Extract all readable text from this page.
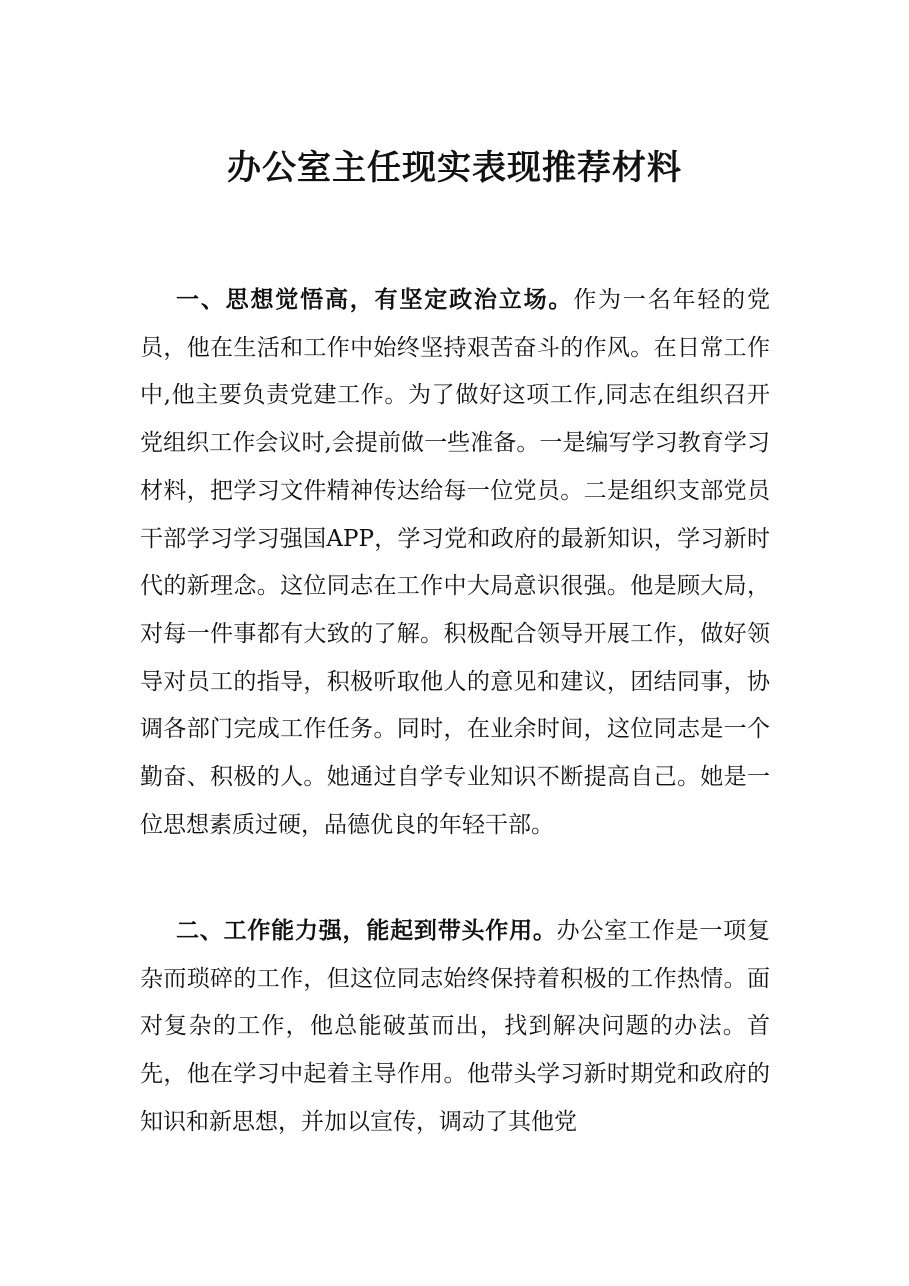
办公室主任现实表现推荐材料

一、思想觉悟高，有坚定政治立场。作为一名年轻的党员，他在生活和工作中始终坚持艰苦奋斗的作风。在日常工作中,他主要负责党建工作。为了做好这项工作,同志在组织召开党组织工作会议时,会提前做一些准备。一是编写学习教育学习材料，把学习文件精神传达给每一位党员。二是组织支部党员干部学习学习强国APP，学习党和政府的最新知识，学习新时代的新理念。这位同志在工作中大局意识很强。他是顾大局，对每一件事都有大致的了解。积极配合领导开展工作，做好领导对员工的指导，积极听取他人的意见和建议，团结同事，协调各部门完成工作任务。同时，在业余时间，这位同志是一个勤奋、积极的人。她通过自学专业知识不断提高自己。她是一位思想素质过硬，品德优良的年轻干部。

二、工作能力强，能起到带头作用。办公室工作是一项复杂而琐碎的工作，但这位同志始终保持着积极的工作热情。面对复杂的工作，他总能破茧而出，找到解决问题的办法。首先，他在学习中起着主导作用。他带头学习新时期党和政府的知识和新思想，并加以宣传，调动了其他党
